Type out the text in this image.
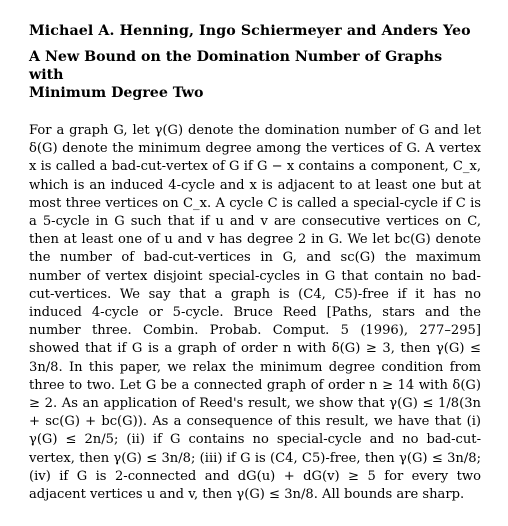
Michael A. Henning, Ingo Schiermeyer and Anders Yeo
A New Bound on the Domination Number of Graphs with
Minimum Degree Two

For a graph G, let γ(G) denote the domination number of G and let δ(G) denote the minimum degree among the vertices of G. A vertex x is called a bad-cut-vertex of G if G − x contains a component, C_x, which is an induced 4-cycle and x is adjacent to at least one but at most three vertices on C_x. A cycle C is called a special-cycle if C is a 5-cycle in G such that if u and v are consecutive vertices on C, then at least one of u and v has degree 2 in G. We let bc(G) denote the number of bad-cut-vertices in G, and sc(G) the maximum number of vertex disjoint special-cycles in G that contain no bad-cut-vertices. We say that a graph is (C4, C5)-free if it has no induced 4-cycle or 5-cycle. Bruce Reed [Paths, stars and the number three. Combin. Probab. Comput. 5 (1996), 277–295] showed that if G is a graph of order n with δ(G) ≥ 3, then γ(G) ≤ 3n/8. In this paper, we relax the minimum degree condition from three to two. Let G be a connected graph of order n ≥ 14 with δ(G) ≥ 2. As an application of Reed's result, we show that γ(G) ≤ 1/8(3n + sc(G) + bc(G)). As a consequence of this result, we have that (i) γ(G) ≤ 2n/5; (ii) if G contains no special-cycle and no bad-cut-vertex, then γ(G) ≤ 3n/8; (iii) if G is (C4, C5)-free, then γ(G) ≤ 3n/8; (iv) if G is 2-connected and dG(u) + dG(v) ≥ 5 for every two adjacent vertices u and v, then γ(G) ≤ 3n/8. All bounds are sharp.
